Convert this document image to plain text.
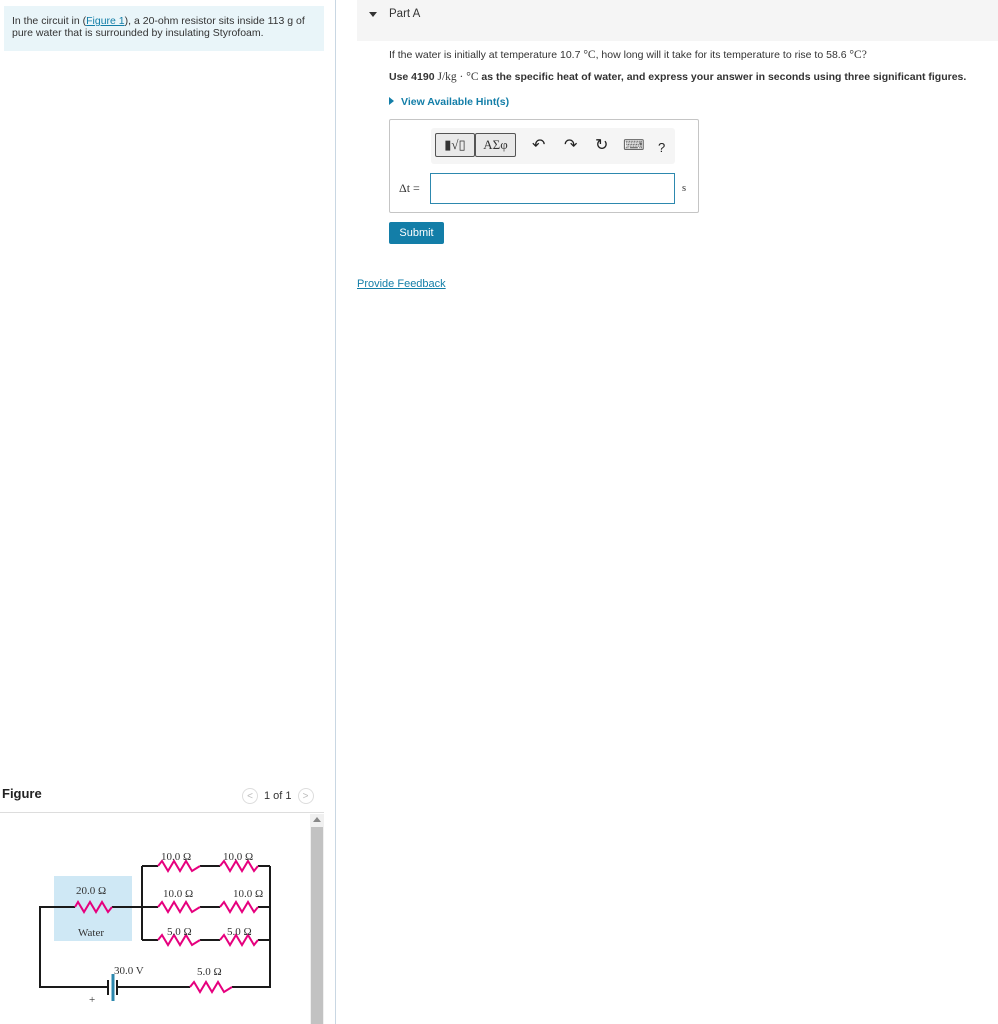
In the circuit in (Figure 1), a 20-ohm resistor sits inside 113 g of
pure water that is surrounded by insulating Styrofoam.
Figure	< 1 of 1 >
20.0 Ω
Water
30.0 V
+
10.0 Ω	10.0 Ω
10.0 Ω	10.0 Ω
5.0 Ω	5.0 Ω
5.0 Ω
Part A
If the water is initially at temperature 10.7 °C, how long will it take for its temperature to rise to 58.6 °C?
Use 4190 J/kg · °C as the specific heat of water, and express your answer in seconds using three significant figures.
View Available Hint(s)
▮√▯ ΑΣφ ↶ ↷ ↻ ⌨ ?
Δt =	s
Submit
Provide Feedback
